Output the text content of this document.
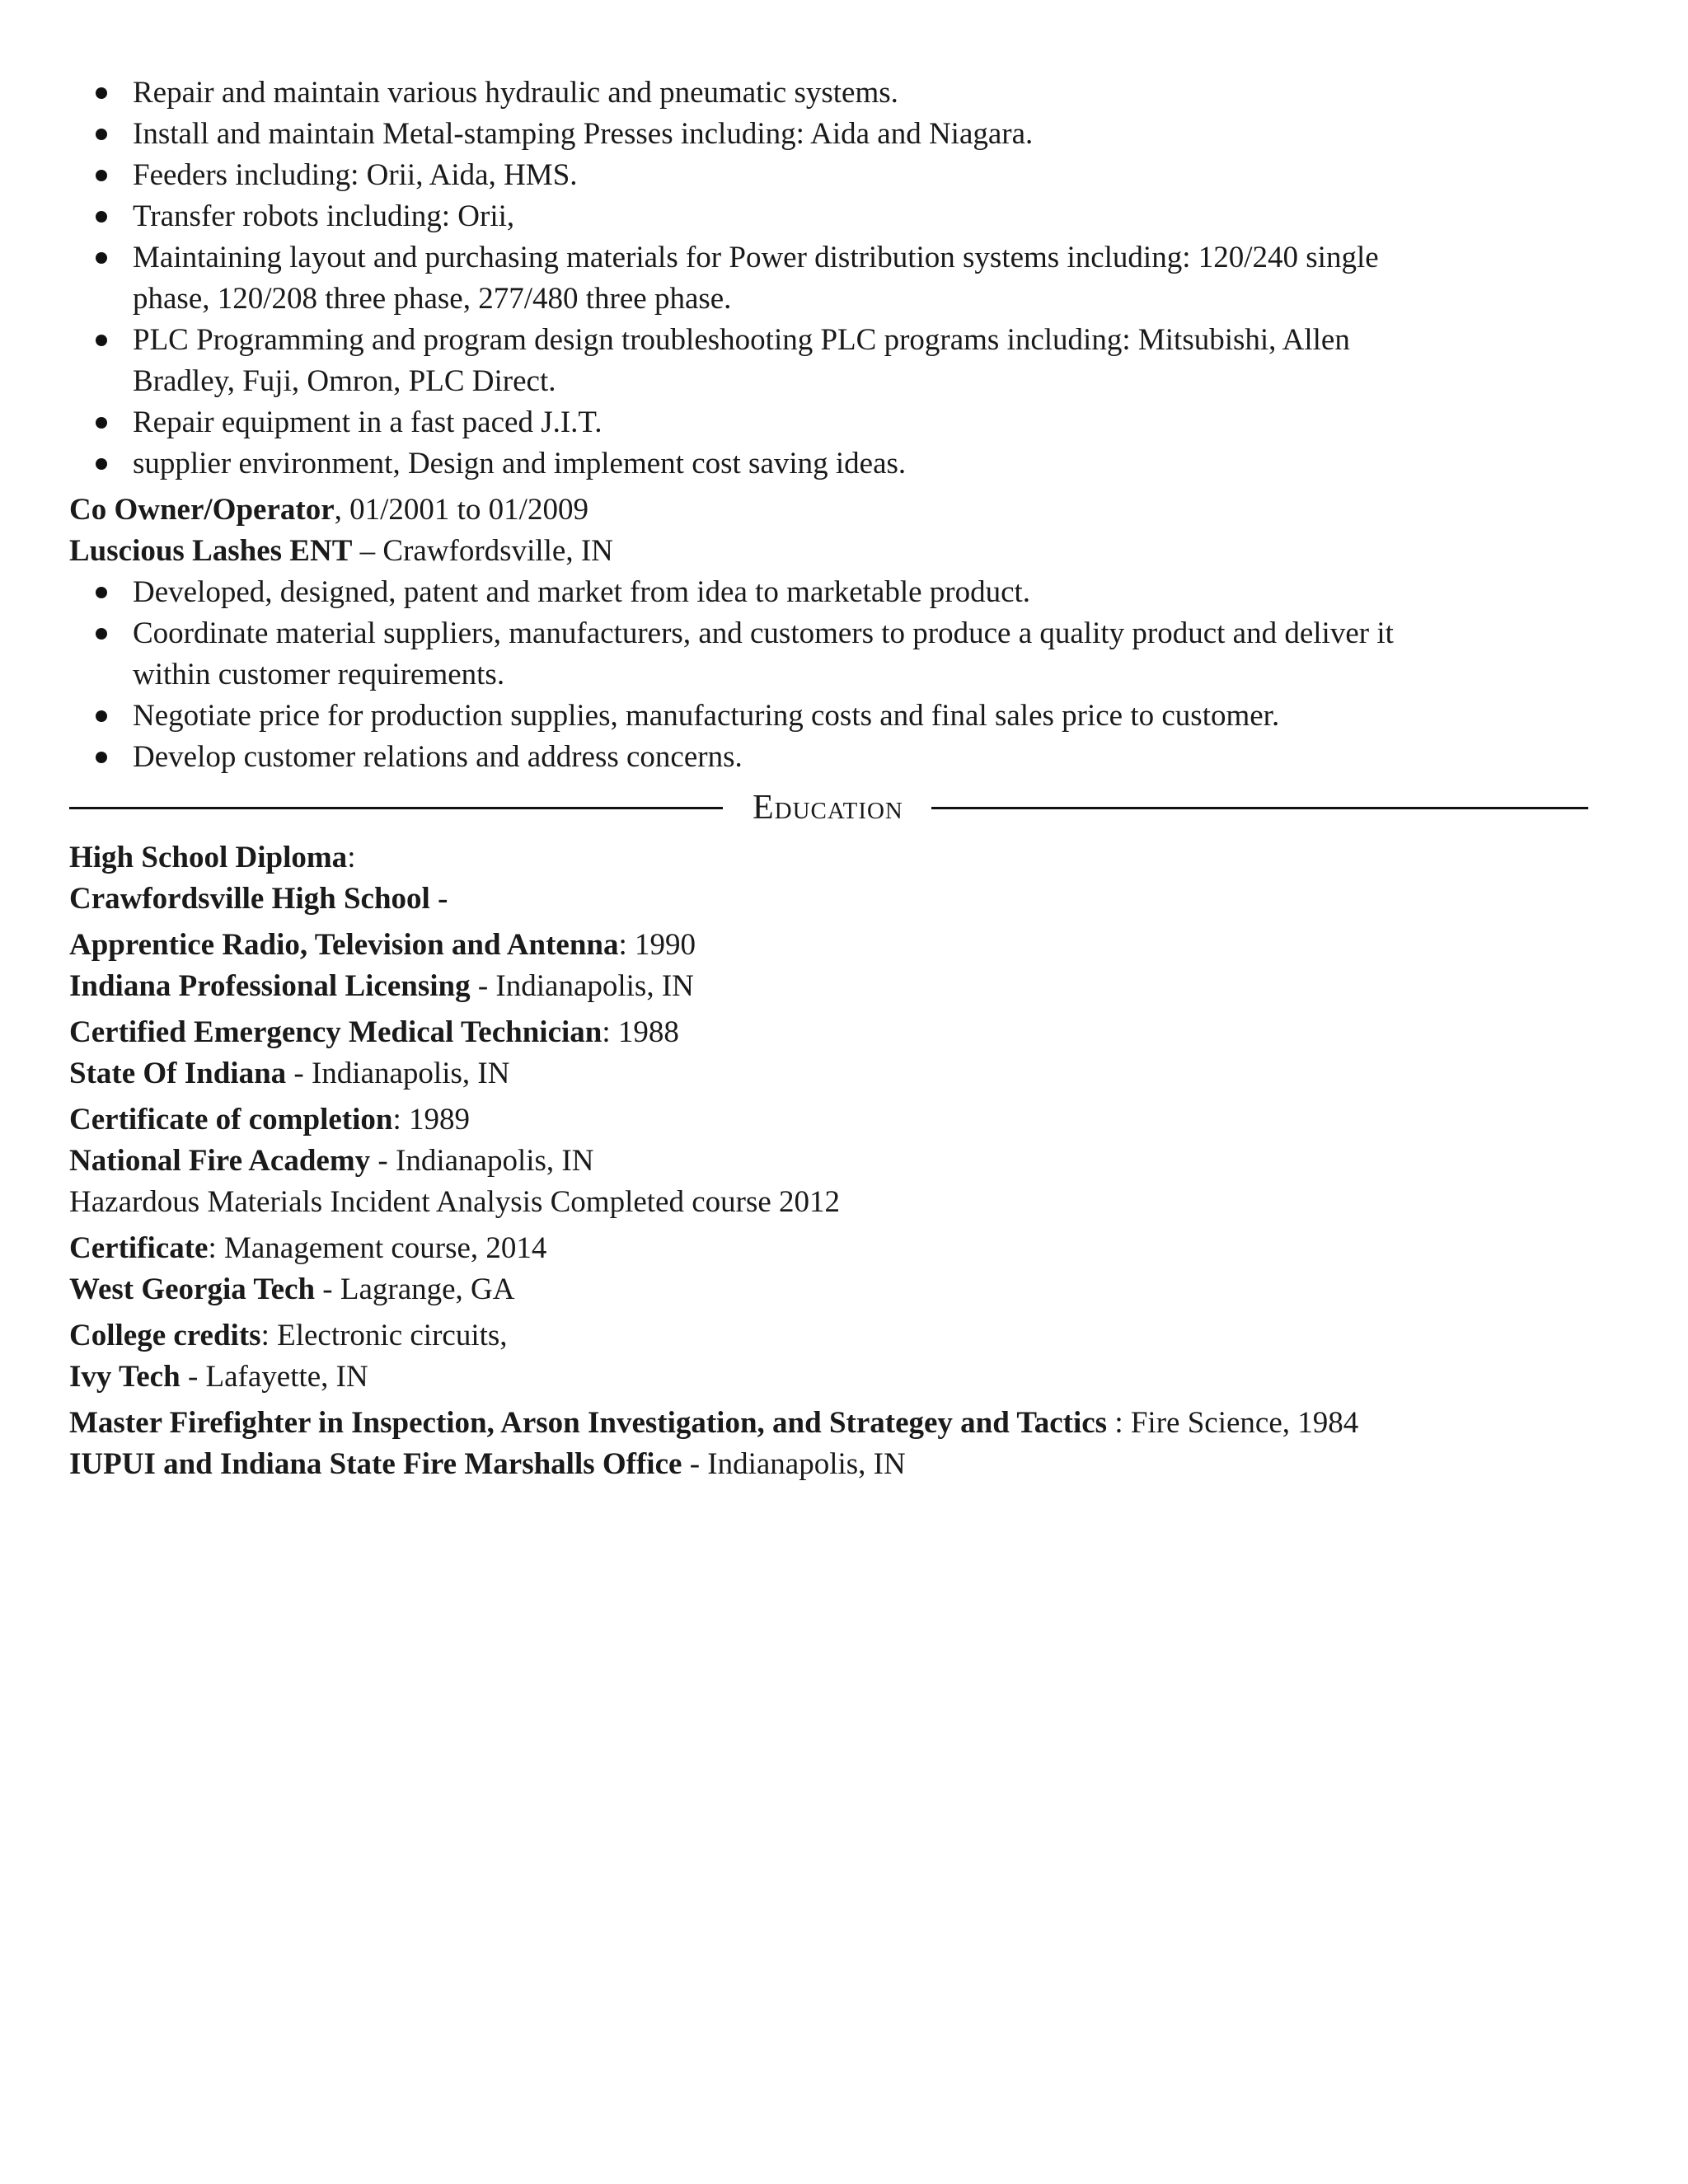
Repair and maintain various hydraulic and pneumatic systems.
Install and maintain Metal-stamping Presses including: Aida and Niagara.
Feeders including: Orii, Aida, HMS.
Transfer robots including: Orii,
Maintaining layout and purchasing materials for Power distribution systems including: 120/240 single
phase, 120/208 three phase, 277/480 three phase.
PLC Programming and program design troubleshooting PLC programs including: Mitsubishi, Allen
Bradley, Fuji, Omron, PLC Direct.
Repair equipment in a fast paced J.I.T.
supplier environment, Design and implement cost saving ideas.
Co Owner/Operator, 01/2001 to 01/2009
Luscious Lashes ENT – Crawfordsville, IN
Developed, designed, patent and market from idea to marketable product.
Coordinate material suppliers, manufacturers, and customers to produce a quality product and deliver it
within customer requirements.
Negotiate price for production supplies, manufacturing costs and final sales price to customer.
Develop customer relations and address concerns.
Education
High School Diploma:
Crawfordsville High School -
Apprentice Radio, Television and Antenna: 1990
Indiana Professional Licensing - Indianapolis, IN
Certified Emergency Medical Technician: 1988
State Of Indiana - Indianapolis, IN
Certificate of completion: 1989
National Fire Academy - Indianapolis, IN
Hazardous Materials Incident Analysis Completed course 2012
Certificate: Management course, 2014
West Georgia Tech - Lagrange, GA
College credits: Electronic circuits,
Ivy Tech - Lafayette, IN
Master Firefighter in Inspection, Arson Investigation, and Strategey and Tactics : Fire Science, 1984
IUPUI and Indiana State Fire Marshalls Office - Indianapolis, IN
